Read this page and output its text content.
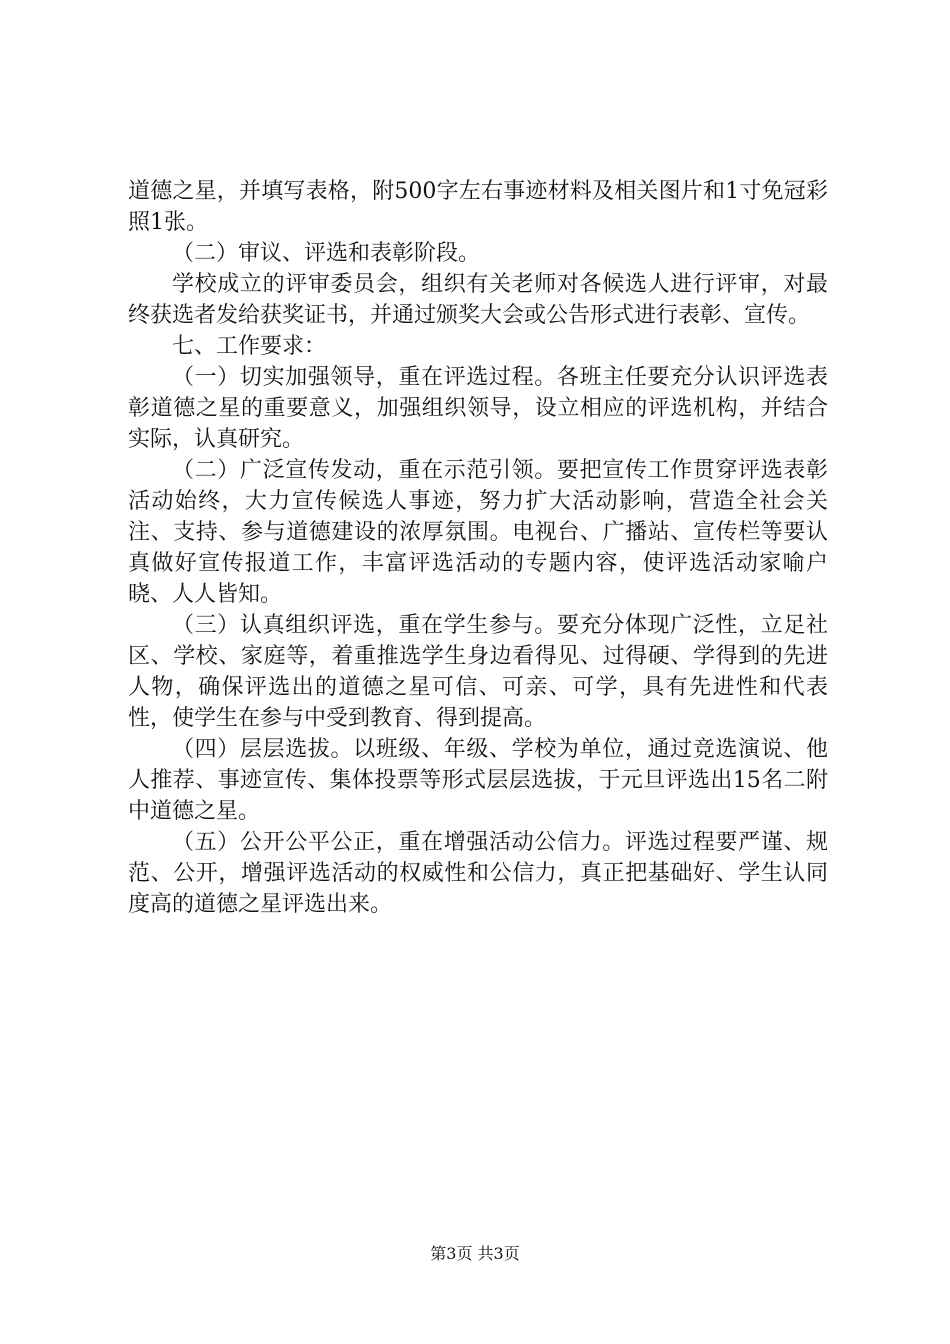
道德之星，并填写表格，附500字左右事迹材料及相关图片和1寸免冠彩照1张。

（二）审议、评选和表彰阶段。

学校成立的评审委员会，组织有关老师对各候选人进行评审，对最终获选者发给获奖证书，并通过颁奖大会或公告形式进行表彰、宣传。

七、工作要求：

（一）切实加强领导，重在评选过程。各班主任要充分认识评选表彰道德之星的重要意义，加强组织领导，设立相应的评选机构，并结合实际，认真研究。

（二）广泛宣传发动，重在示范引领。要把宣传工作贯穿评选表彰活动始终，大力宣传候选人事迹，努力扩大活动影响，营造全社会关注、支持、参与道德建设的浓厚氛围。电视台、广播站、宣传栏等要认真做好宣传报道工作，丰富评选活动的专题内容，使评选活动家喻户晓、人人皆知。

（三）认真组织评选，重在学生参与。要充分体现广泛性，立足社区、学校、家庭等，着重推选学生身边看得见、过得硬、学得到的先进人物，确保评选出的道德之星可信、可亲、可学，具有先进性和代表性，使学生在参与中受到教育、得到提高。

（四）层层选拔。以班级、年级、学校为单位，通过竞选演说、他人推荐、事迹宣传、集体投票等形式层层选拔，于元旦评选出15名二附中道德之星。

（五）公开公平公正，重在增强活动公信力。评选过程要严谨、规范、公开，增强评选活动的权威性和公信力，真正把基础好、学生认同度高的道德之星评选出来。

第3页 共3页
